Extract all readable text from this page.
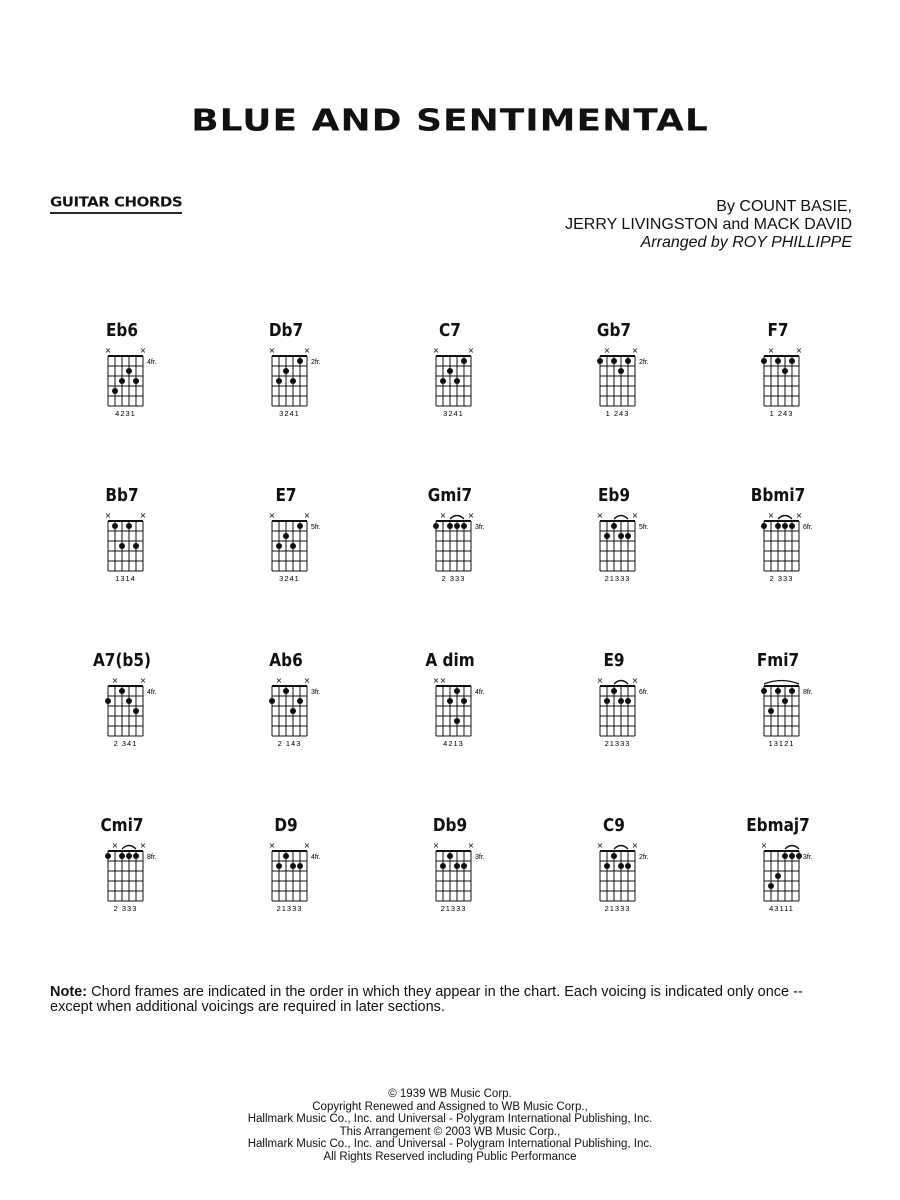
BLUE AND SENTIMENTAL
GUITAR CHORDS	By COUNT BASIE,
JERRY LIVINGSTON and MACK DAVID
Arranged by ROY PHILLIPPE
Eb6
×	×
4fr.
4231
Db7
×	×
2fr.
3241
C7
×	×
3241
Gb7
×	×
2fr.
1 243
F7
×	×
1 243
Bb7
×	×
1314
E7
×	×
5fr.
3241
Gmi7
×	×
3fr.
2 333
Eb9
×	×
5fr.
21333
Bbmi7
×	×
6fr.
2 333
A7(b5)
×	×
4fr.
2 341
Ab6
×	×
3fr.
2 143
A dim
× ×
4fr.
4213
E9
×	×
6fr.
21333
Fmi7
8fr.
13121
Cmi7
×	×
8fr.
2 333
D9
×	×
4fr.
21333
Db9
×	×
3fr.
21333
C9
×	×
2fr.
21333
Ebmaj7
×
3fr.
43111
Note: Chord frames are indicated in the order in which they appear in the chart. Each voicing is indicated only once -- except when additional voicings are required in later sections.
© 1939 WB Music Corp.
Copyright Renewed and Assigned to WB Music Corp.,
Hallmark Music Co., Inc. and Universal - Polygram International Publishing, Inc.
This Arrangement © 2003 WB Music Corp.,
Hallmark Music Co., Inc. and Universal - Polygram International Publishing, Inc.
All Rights Reserved including Public Performance
